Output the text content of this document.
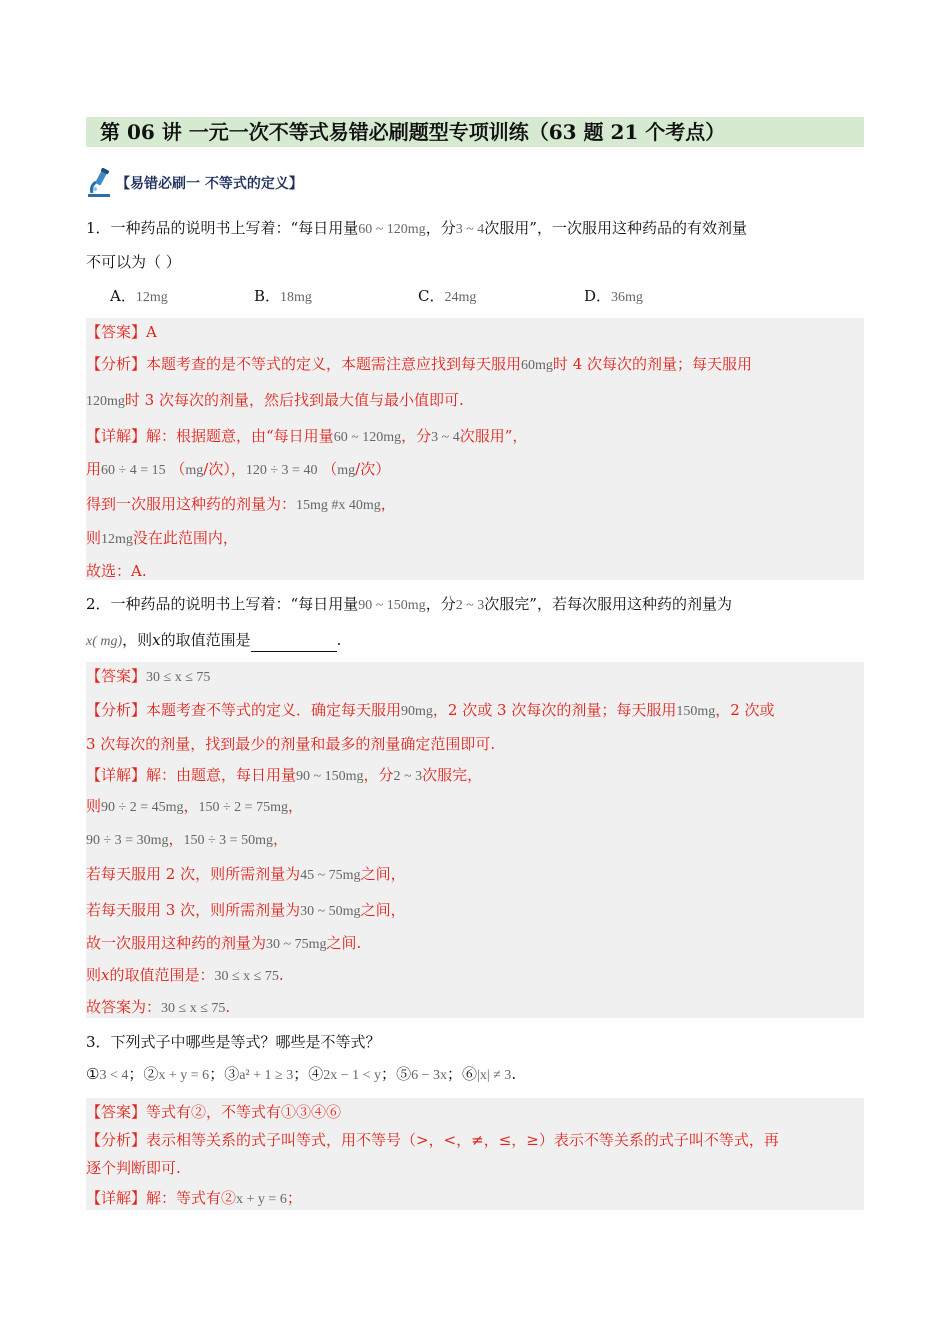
第 06 讲 一元一次不等式易错必刷题型专项训练（63 题 21 个考点）
【易错必刷一 不等式的定义】
1．一种药品的说明书上写着：“每日用量60 ~ 120mg，分3 ~ 4次服用”，一次服用这种药品的有效剂量
不可以为（ ）
A．12mg	B．18mg	C．24mg	D．36mg
【答案】A
【分析】本题考查的是不等式的定义，本题需注意应找到每天服用60mg时 4 次每次的剂量；每天服用
120mg时 3 次每次的剂量，然后找到最大值与最小值即可.
【详解】解：根据题意，由“每日用量60 ~ 120mg，分3 ~ 4次服用”，
用60 ÷ 4 = 15 （mg/次），120 ÷ 3 = 40 （mg/次）
得到一次服用这种药的剂量为：15mg #x 40mg，
则12mg没在此范围内，
故选：A.
2．一种药品的说明书上写着：“每日用量90 ~ 150mg，分2 ~ 3次服完”，若每次服用这种药的剂量为
x( mg)，则x的取值范围是	.
【答案】30 ≤ x ≤ 75
【分析】本题考查不等式的定义．确定每天服用90mg，2 次或 3 次每次的剂量；每天服用150mg，2 次或
3 次每次的剂量，找到最少的剂量和最多的剂量确定范围即可.
【详解】解：由题意，每日用量90 ~ 150mg，分2 ~ 3次服完，
则90 ÷ 2 = 45mg，150 ÷ 2 = 75mg，
90 ÷ 3 = 30mg，150 ÷ 3 = 50mg，
若每天服用 2 次，则所需剂量为45 ~ 75mg之间，
若每天服用 3 次，则所需剂量为30 ~ 50mg之间，
故一次服用这种药的剂量为30 ~ 75mg之间.
则x的取值范围是：30 ≤ x ≤ 75.
故答案为：30 ≤ x ≤ 75.
3．下列式子中哪些是等式？哪些是不等式？
①3 < 4；②x + y = 6；③a² + 1 ≥ 3；④2x − 1 < y；⑤6 − 3x；⑥|x| ≠ 3.
【答案】等式有②，不等式有①③④⑥
【分析】表示相等关系的式子叫等式，用不等号（>，<，≠，≤，≥）表示不等关系的式子叫不等式，再
逐个判断即可.
【详解】解：等式有②x + y = 6；
